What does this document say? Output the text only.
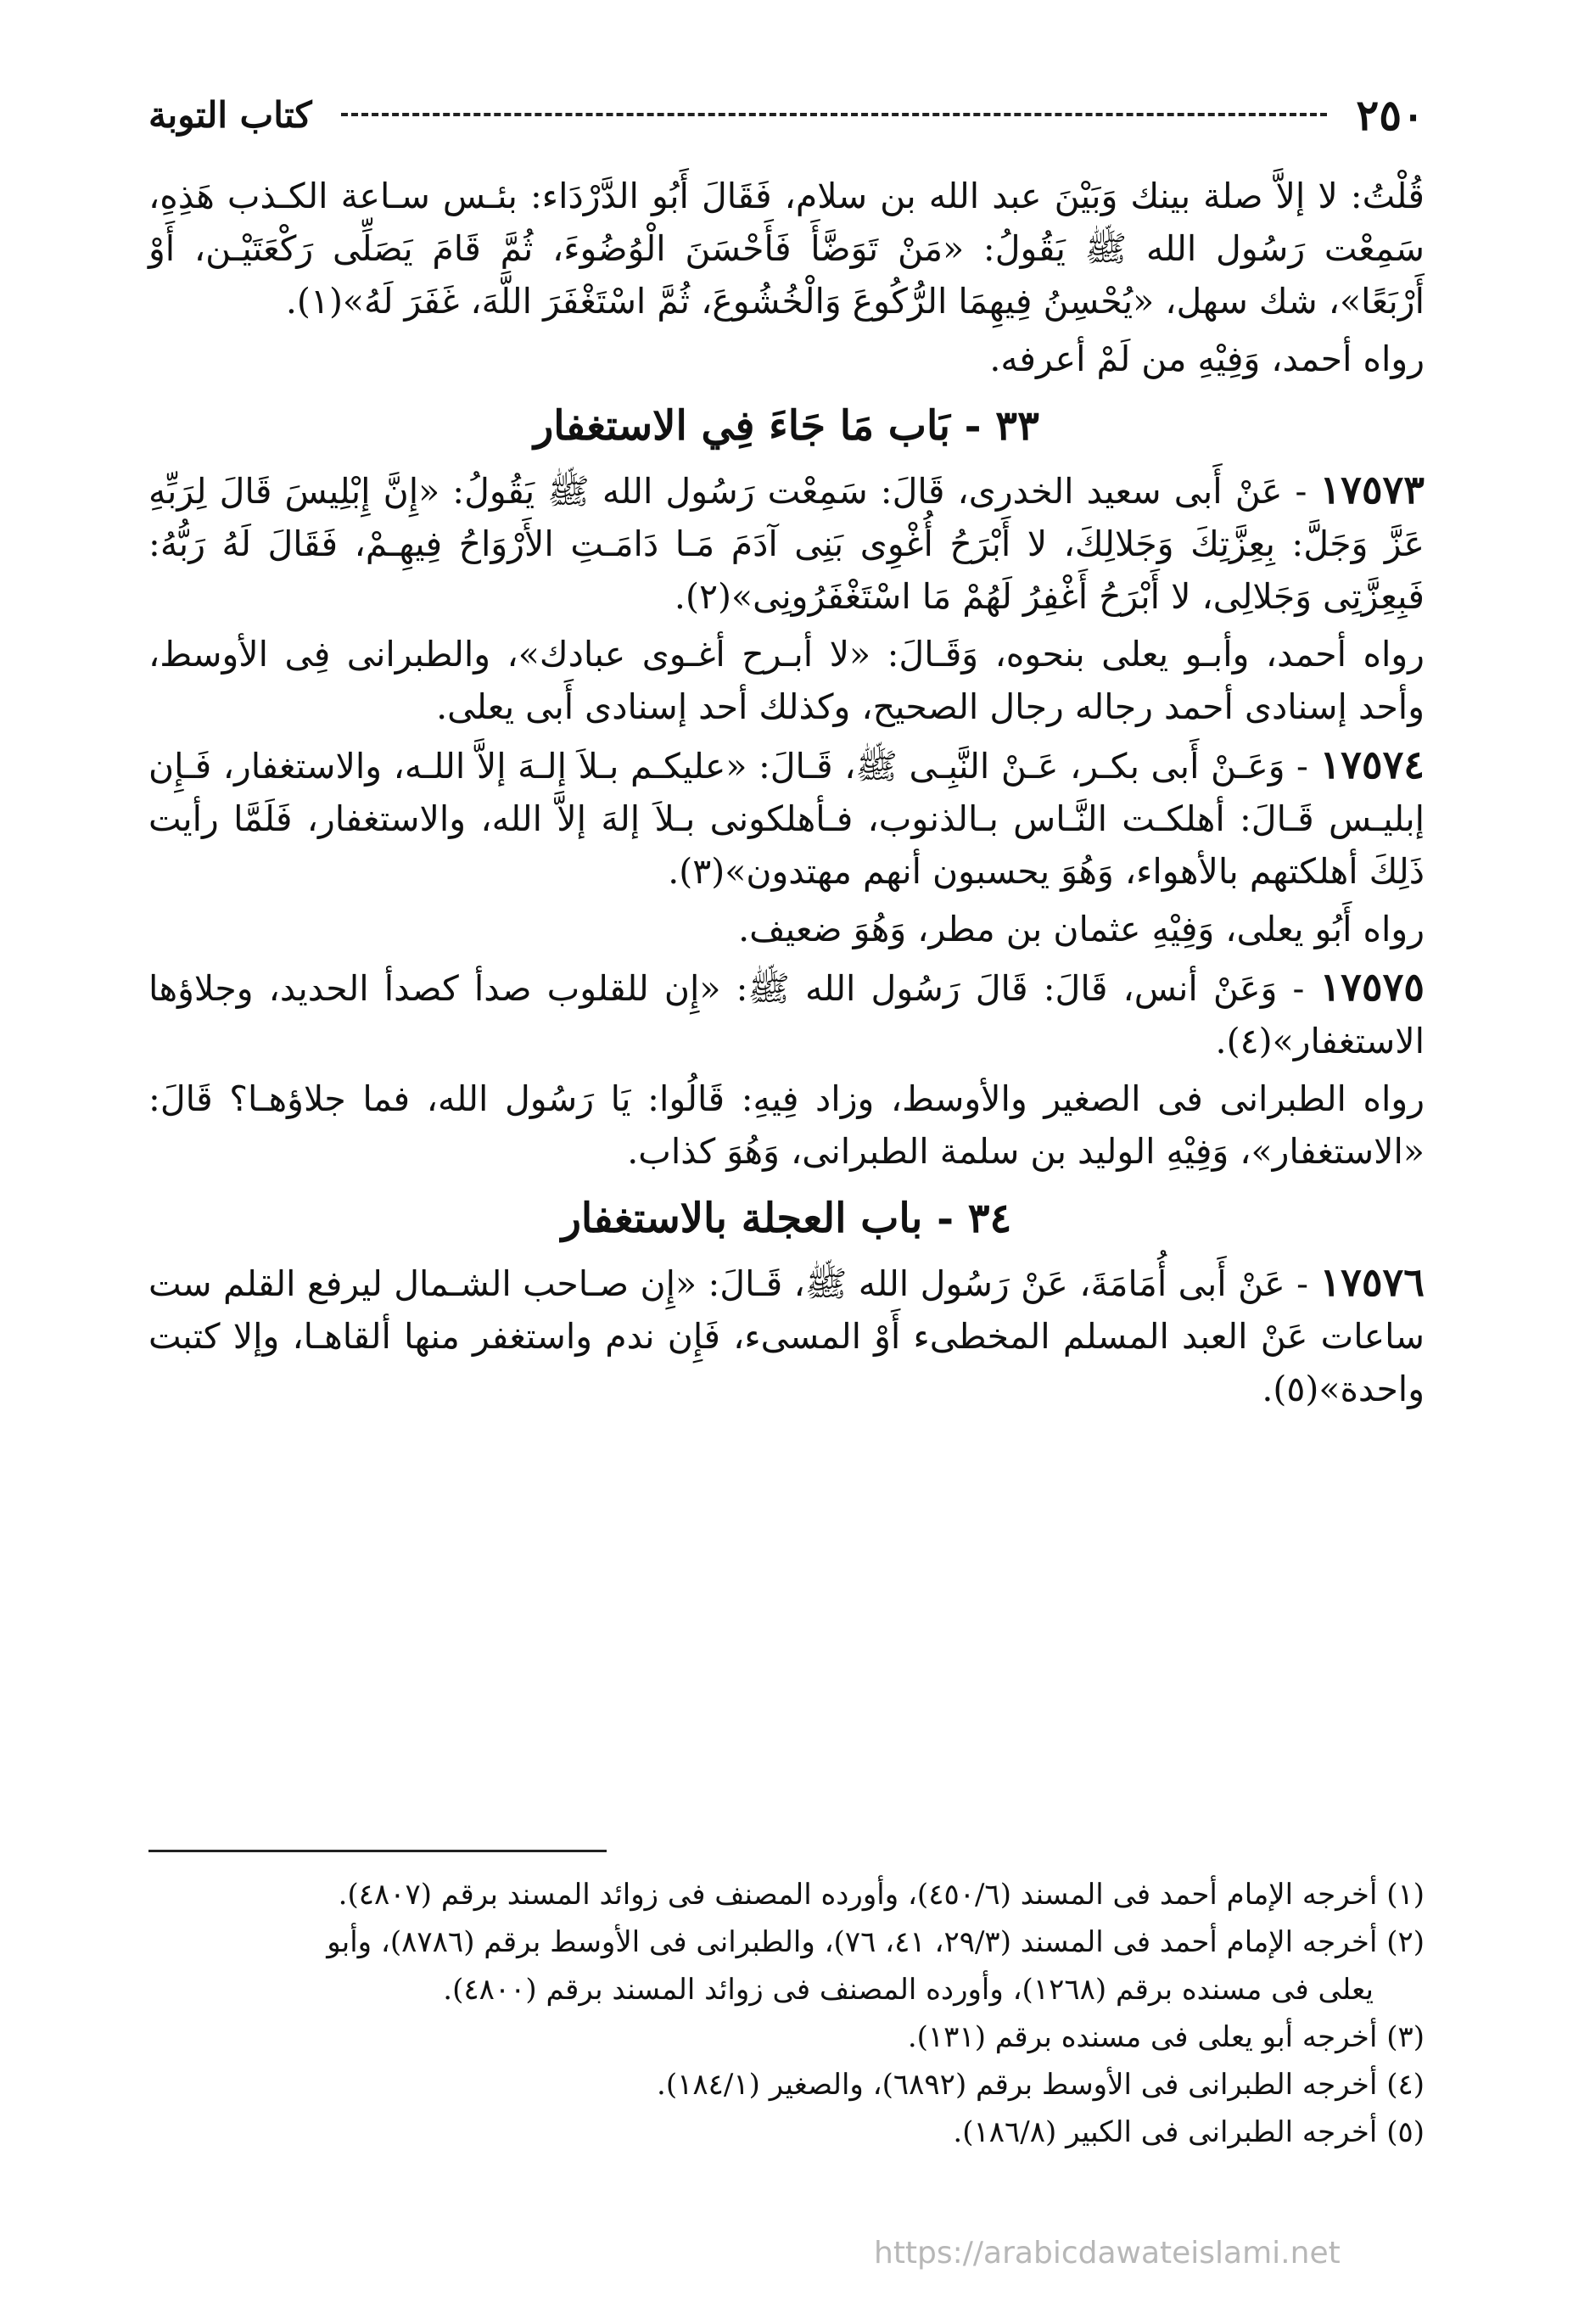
٢٥٠
كتاب التوبة

قُلْتُ: لا إلاَّ صلة بينك وَبَيْنَ عبد الله بن سلام، فَقَالَ أَبُو الدَّرْدَاء: بئـس سـاعة الكـذب هَذِهِ، سَمِعْت رَسُول الله ﷺ يَقُولُ: «مَنْ تَوَضَّأَ فَأَحْسَنَ الْوُضُوءَ، ثُمَّ قَامَ يَصَلِّى رَكْعَتَيْـن، أَوْ أَرْبَعًا»، شك سهل، «يُحْسِنُ فِيهِمَا الرُّكُوعَ وَالْخُشُوعَ، ثُمَّ اسْتَغْفَرَ اللَّهَ، غَفَرَ لَهُ»(١).

رواه أحمد، وَفِيْهِ من لَمْ أعرفه.

٣٣ - بَاب مَا جَاءَ فِي الاستغفار

١٧٥٧٣ - عَنْ أَبى سعيد الخدرى، قَالَ: سَمِعْت رَسُول الله ﷺ يَقُولُ: «إِنَّ إِبْلِيسَ قَالَ لِرَبِّهِ عَزَّ وَجَلَّ: بِعِزَّتِكَ وَجَلالِكَ، لا أَبْرَحُ أُغْوِى بَنِى آدَمَ مَـا دَامَـتِ الأَرْوَاحُ فِيهِـمْ، فَقَالَ لَهُ رَبُّهُ: فَبِعِزَّتِى وَجَلالِى، لا أَبْرَحُ أَغْفِرُ لَهُمْ مَا اسْتَغْفَرُونِى»(٢).

رواه أحمد، وأبـو يعلى بنحوه، وَقَـالَ: «لا أبـرح أغـوى عبادك»، والطبرانى فِى الأوسط، وأحد إسنادى أحمد رجاله رجال الصحيح، وكذلك أحد إسنادى أَبى يعلى.

١٧٥٧٤ - وَعَـنْ أَبى بكـر، عَـنْ النَّبِـى ﷺ، قَـالَ: «عليكـم بـلاَ إلـهَ إلاَّ اللـه، والاستغفار، فَـإِن إبليـس قَـالَ: أهلكـت النَّـاس بـالذنوب، فـأهلكونى بـلاَ إلهَ إلاَّ الله، والاستغفار، فَلَمَّا رأيت ذَلِكَ أهلكتهم بالأهواء، وَهُوَ يحسبون أنهم مهتدون»(٣).

رواه أَبُو يعلى، وَفِيْهِ عثمان بن مطر، وَهُوَ ضعيف.

١٧٥٧٥ - وَعَنْ أنس، قَالَ: قَالَ رَسُول الله ﷺ: «إِن للقلوب صدأ كصدأ الحديد، وجلاؤها الاستغفار»(٤).

رواه الطبرانى فى الصغير والأوسط، وزاد فِيهِ: قَالُوا: يَا رَسُول الله، فما جلاؤهـا؟ قَالَ: «الاستغفار»، وَفِيْهِ الوليد بن سلمة الطبرانى، وَهُوَ كذاب.

٣٤ - باب العجلة بالاستغفار

١٧٥٧٦ - عَنْ أَبى أُمَامَةَ، عَنْ رَسُول الله ﷺ، قَـالَ: «إِن صـاحب الشـمال ليرفع القلم ست ساعات عَنْ العبد المسلم المخطىء أَوْ المسىء، فَإِن ندم واستغفر منها ألقاهـا، وإلا كتبت واحدة»(٥).

(١) أخرجه الإمام أحمد فى المسند (٤٥٠/٦)، وأورده المصنف فى زوائد المسند برقم (٤٨٠٧).

(٢) أخرجه الإمام أحمد فى المسند (٢٩/٣، ٤١، ٧٦)، والطبرانى فى الأوسط برقم (٨٧٨٦)، وأبو

يعلى فى مسنده برقم (١٢٦٨)، وأورده المصنف فى زوائد المسند برقم (٤٨٠٠).

(٣) أخرجه أبو يعلى فى مسنده برقم (١٣١).

(٤) أخرجه الطبرانى فى الأوسط برقم (٦٨٩٢)، والصغير (١٨٤/١).

(٥) أخرجه الطبرانى فى الكبير (١٨٦/٨).

https://arabicdawateislami.net
